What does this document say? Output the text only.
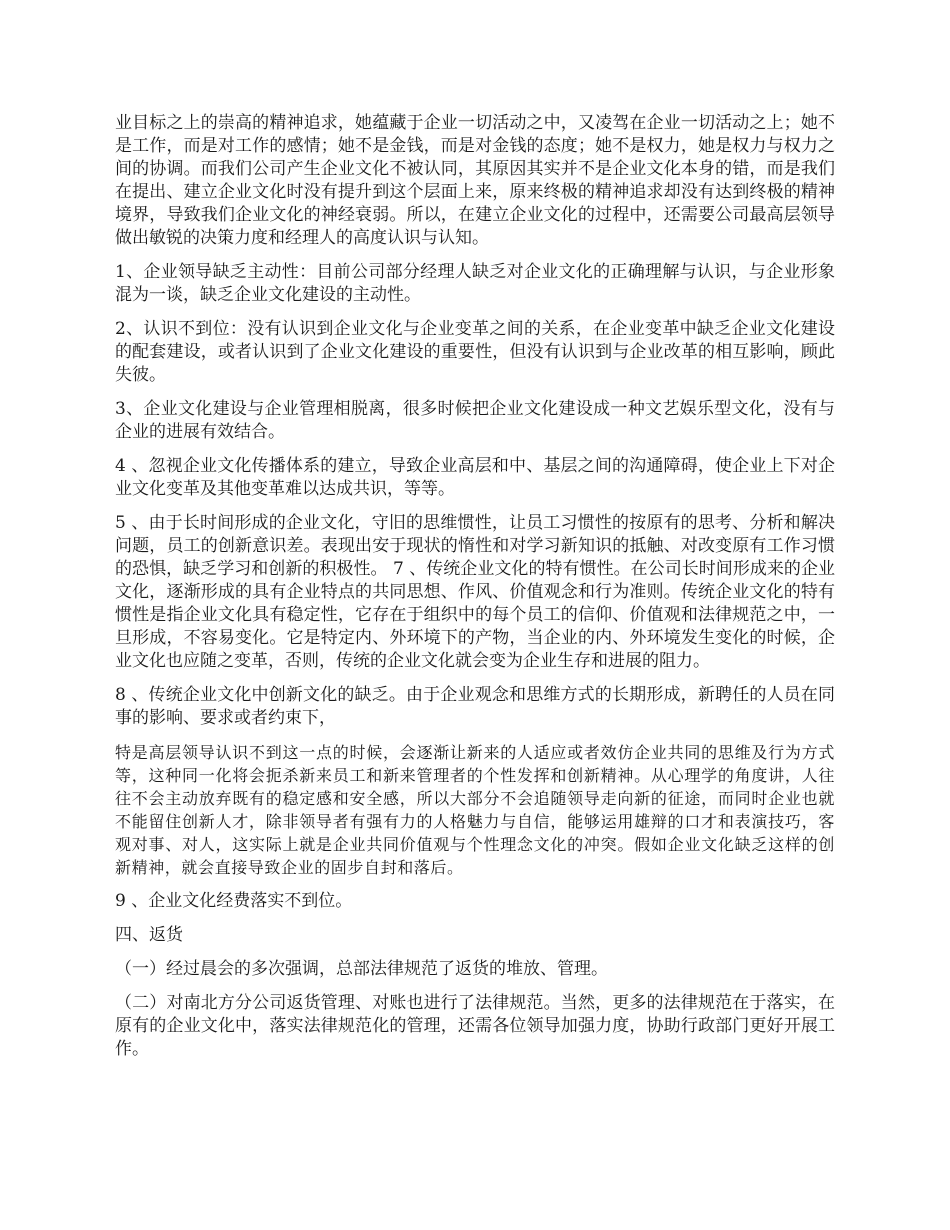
业目标之上的崇高的精神追求，她蕴藏于企业一切活动之中，又凌驾在企业一切活动之上；她不是工作，而是对工作的感情；她不是金钱，而是对金钱的态度；她不是权力，她是权力与权力之间的协调。而我们公司产生企业文化不被认同，其原因其实并不是企业文化本身的错，而是我们在提出、建立企业文化时没有提升到这个层面上来，原来终极的精神追求却没有达到终极的精神境界，导致我们企业文化的神经衰弱。所以，在建立企业文化的过程中，还需要公司最高层领导做出敏锐的决策力度和经理人的高度认识与认知。

1、企业领导缺乏主动性：目前公司部分经理人缺乏对企业文化的正确理解与认识，与企业形象混为一谈，缺乏企业文化建设的主动性。

2、认识不到位：没有认识到企业文化与企业变革之间的关系，在企业变革中缺乏企业文化建设的配套建设，或者认识到了企业文化建设的重要性，但没有认识到与企业改革的相互影响，顾此失彼。

3、企业文化建设与企业管理相脱离，很多时候把企业文化建设成一种文艺娱乐型文化，没有与企业的进展有效结合。

4 、忽视企业文化传播体系的建立，导致企业高层和中、基层之间的沟通障碍，使企业上下对企业文化变革及其他变革难以达成共识，等等。

5 、由于长时间形成的企业文化，守旧的思维惯性，让员工习惯性的按原有的思考、分析和解决问题，员工的创新意识差。表现出安于现状的惰性和对学习新知识的抵触、对改变原有工作习惯的恐惧，缺乏学习和创新的积极性。 7 、传统企业文化的特有惯性。在公司长时间形成来的企业文化，逐渐形成的具有企业特点的共同思想、作风、价值观念和行为准则。传统企业文化的特有惯性是指企业文化具有稳定性，它存在于组织中的每个员工的信仰、价值观和法律规范之中，一旦形成，不容易变化。它是特定内、外环境下的产物，当企业的内、外环境发生变化的时候，企业文化也应随之变革，否则，传统的企业文化就会变为企业生存和进展的阻力。

8 、传统企业文化中创新文化的缺乏。由于企业观念和思维方式的长期形成，新聘任的人员在同事的影响、要求或者约束下，

特是高层领导认识不到这一点的时候，会逐渐让新来的人适应或者效仿企业共同的思维及行为方式等，这种同一化将会扼杀新来员工和新来管理者的个性发挥和创新精神。从心理学的角度讲，人往往不会主动放弃既有的稳定感和安全感，所以大部分不会追随领导走向新的征途，而同时企业也就不能留住创新人才，除非领导者有强有力的人格魅力与自信，能够运用雄辩的口才和表演技巧，客观对事、对人，这实际上就是企业共同价值观与个性理念文化的冲突。假如企业文化缺乏这样的创新精神，就会直接导致企业的固步自封和落后。

9 、企业文化经费落实不到位。

四、返货

（一）经过晨会的多次强调，总部法律规范了返货的堆放、管理。

（二）对南北方分公司返货管理、对账也进行了法律规范。当然，更多的法律规范在于落实，在原有的企业文化中，落实法律规范化的管理，还需各位领导加强力度，协助行政部门更好开展工作。
